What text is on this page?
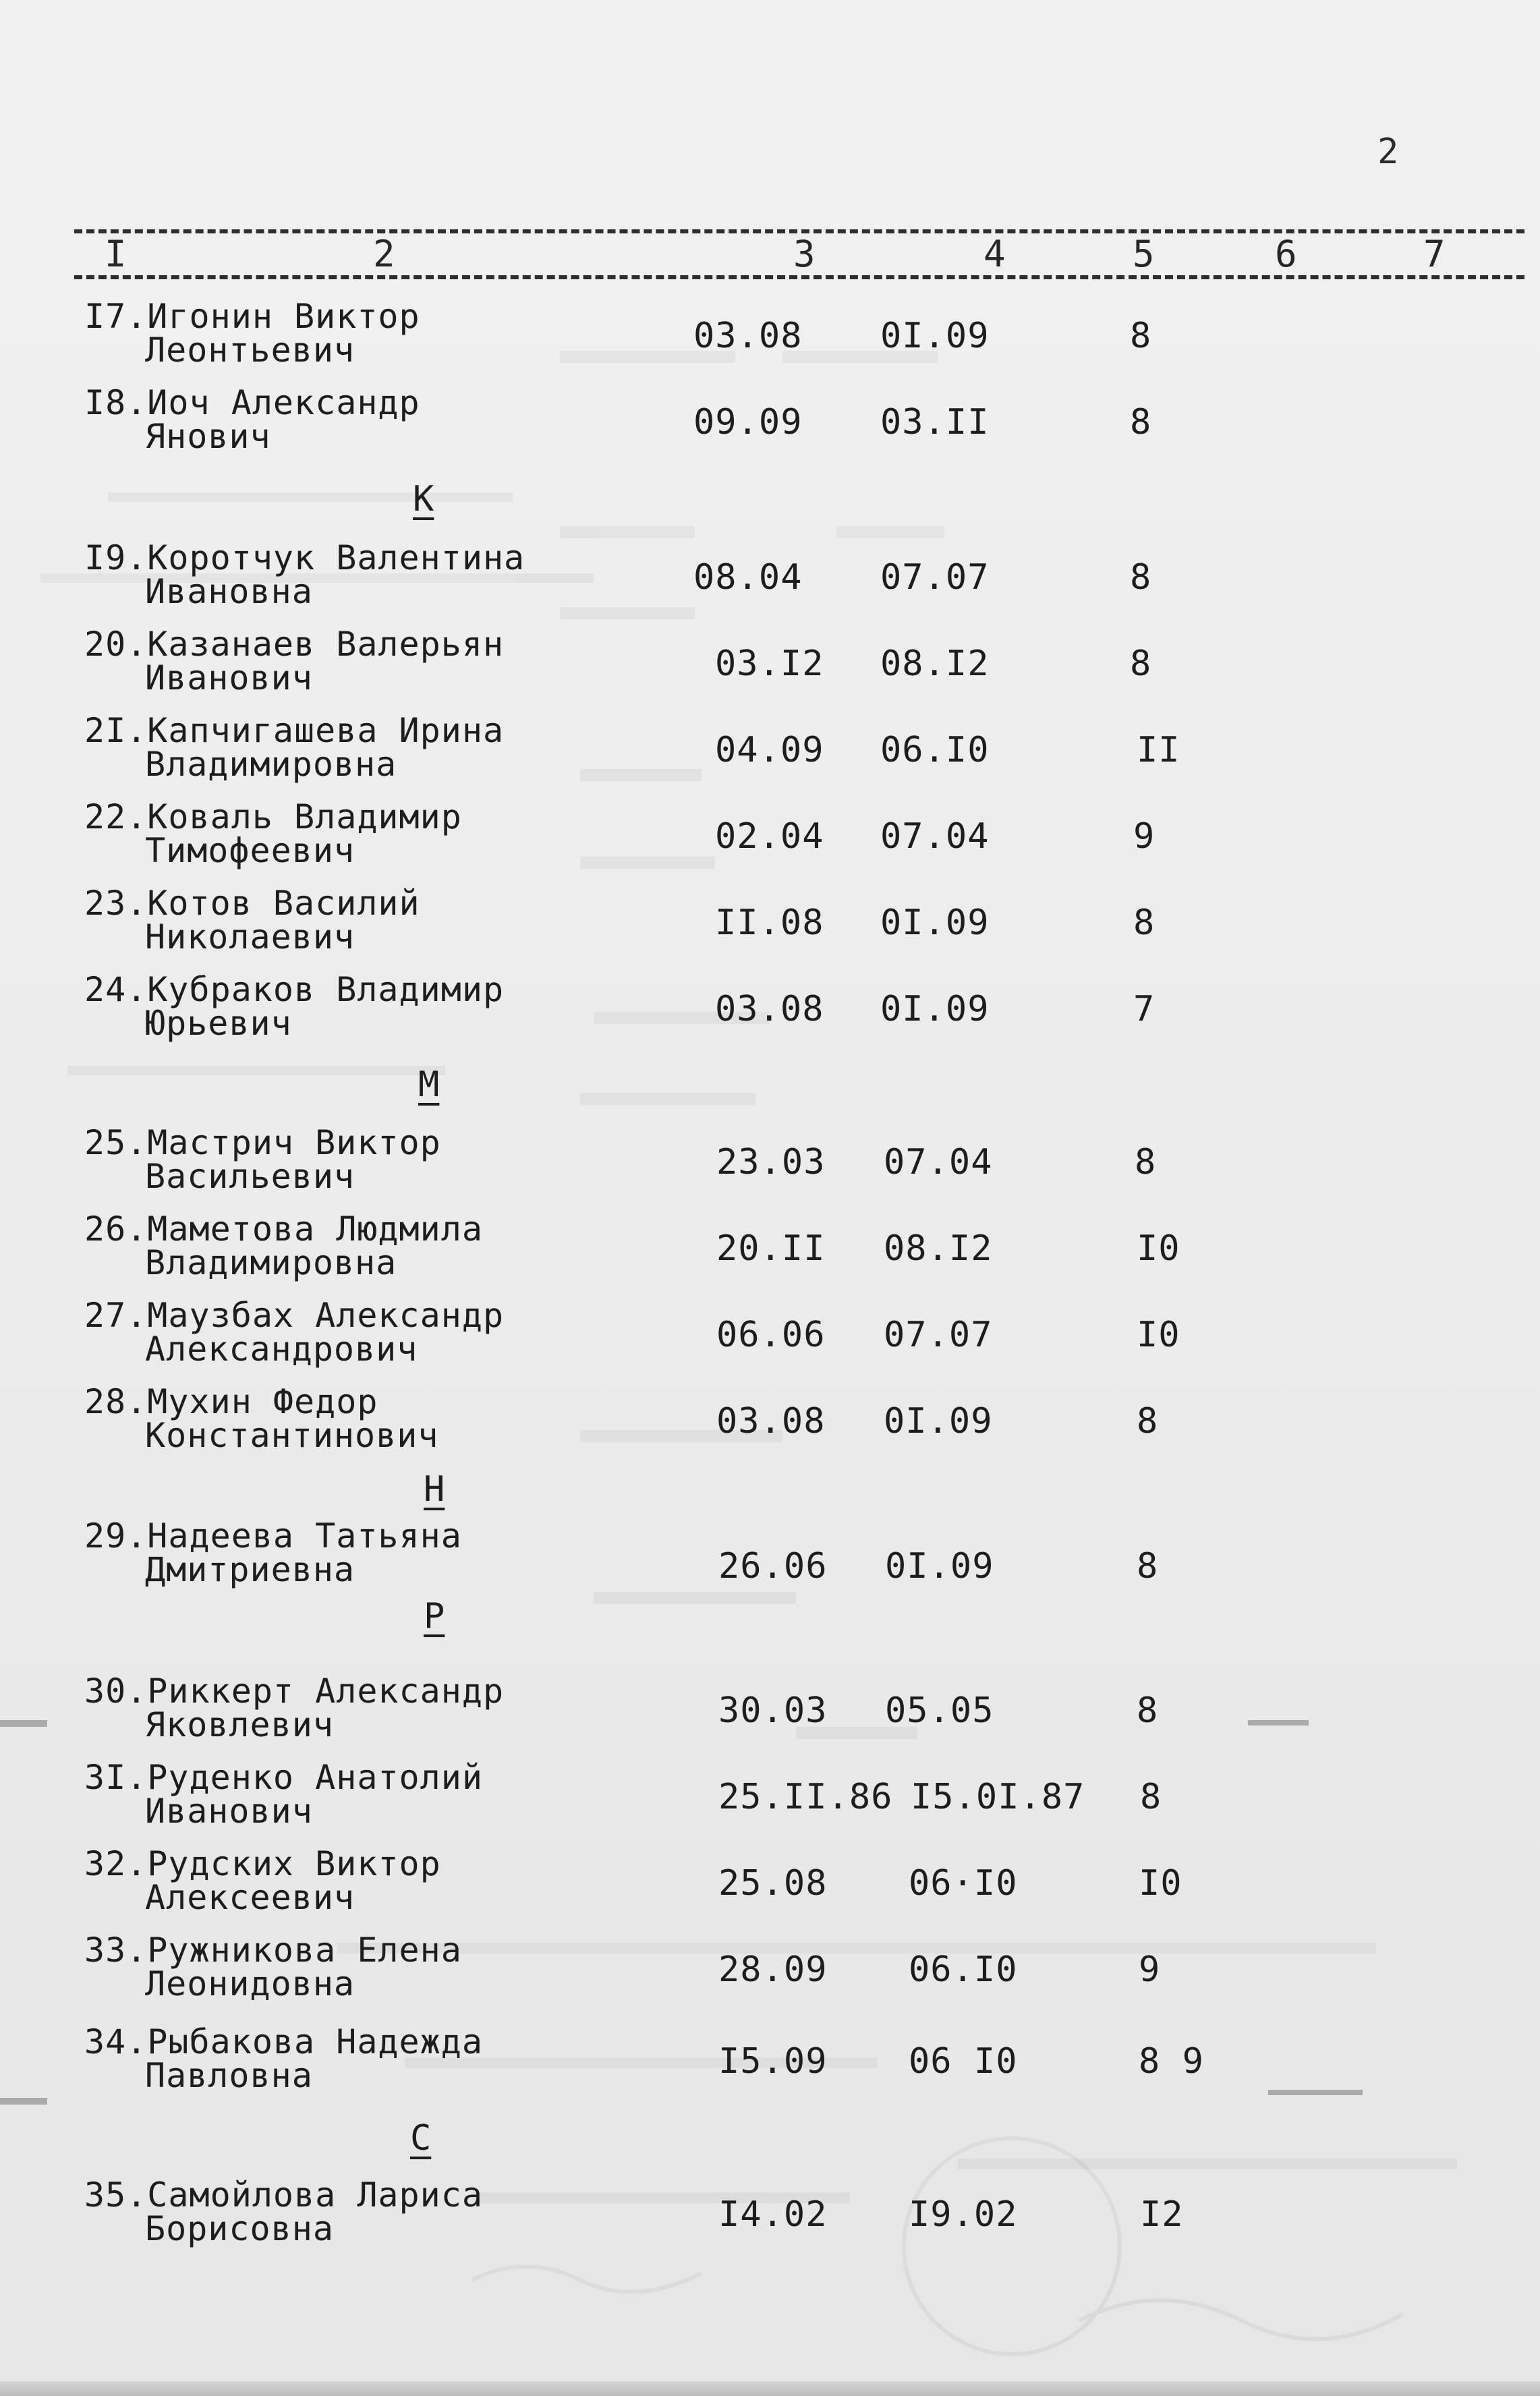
2
I	2	3	4	5	6	7
К
М
Н
Р
С
I7.Игонин Виктор
Леонтьевич	03.08 0I.09	8
I8.Иоч Александр
Янович	09.09 03.II	8
I9.Коротчук Валентина
Ивановна	08.04 07.07	8
20.Казанаев Валерьян
Иванович	03.I2 08.I2	8
2I.Капчигашева Ирина
Владимировна	04.09 06.I0	II
22.Коваль Владимир
Тимофеевич	02.04 07.04	9
23.Котов Василий
Николаевич	II.08 0I.09	8
24.Кубраков Владимир
Юрьевич	03.08 0I.09	7
25.Мастрич Виктор
Васильевич	23.03 07.04	8
26.Маметова Людмила
Владимировна	20.II 08.I2	I0
27.Маузбах Александр
Александрович	06.06 07.07	I0
28.Мухин Федор
Константинович	03.08 0I.09	8
29.Надеева Татьяна
Дмитриевна	26.06 0I.09	8
30.Риккерт Александр
Яковлевич	30.03 05.05	8
3I.Руденко Анатолий
Иванович	25.II.86 I5.0I.87 8
32.Рудских Виктор
Алексеевич	25.08 06·I0	I0
33.Ружникова Елена
Леонидовна	28.09 06.I0	9
34.Рыбакова Надежда
Павловна	I5.09 06 I0	8 9
35.Самойлова Лариса
Борисовна	I4.02 I9.02	I2
